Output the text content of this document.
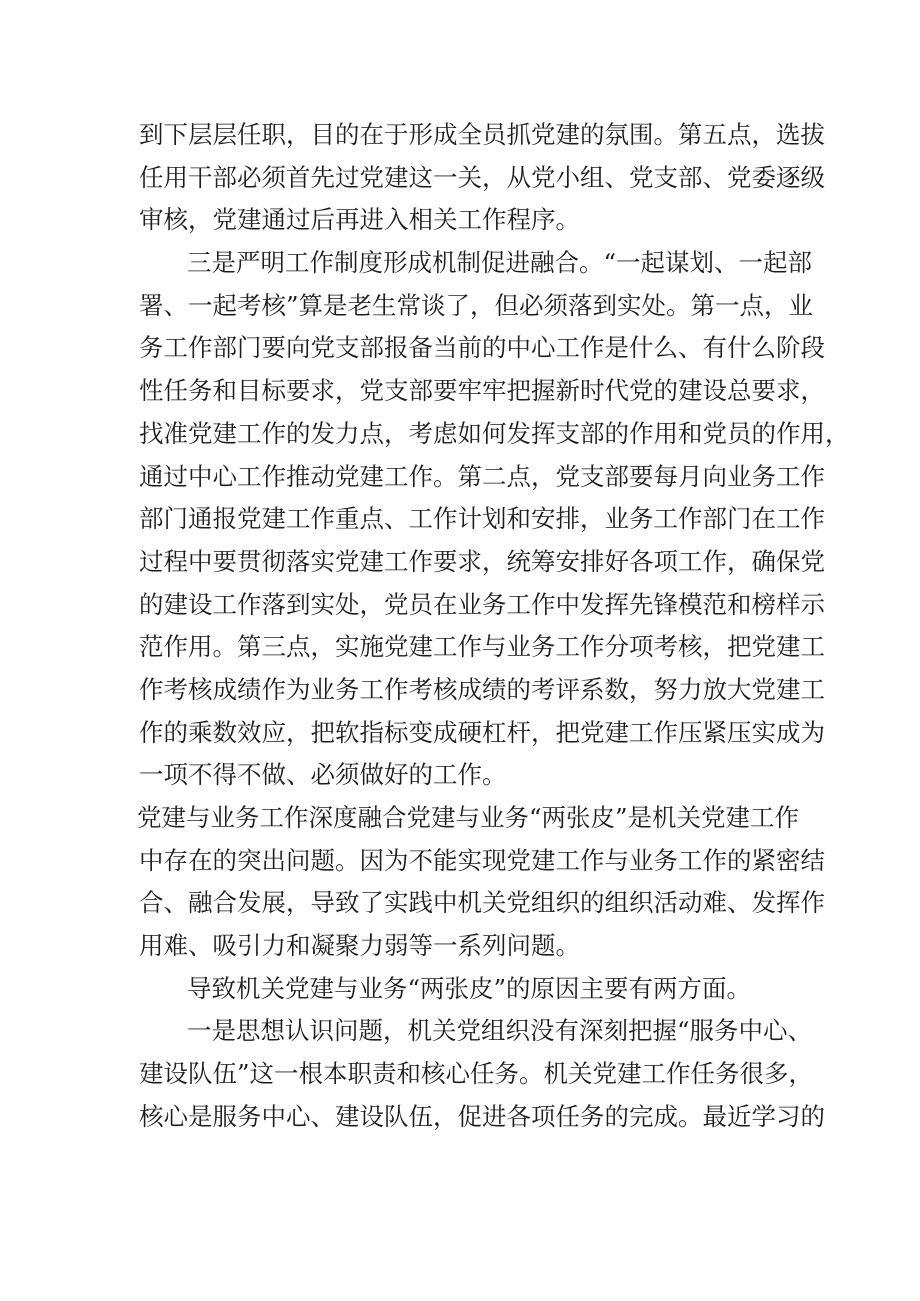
到下层层任职，目的在于形成全员抓党建的氛围。第五点，选拔
任用干部必须首先过党建这一关，从党小组、党支部、党委逐级
审核，党建通过后再进入相关工作程序。
三是严明工作制度形成机制促进融合。“一起谋划、一起部
署、一起考核”算是老生常谈了，但必须落到实处。第一点，业
务工作部门要向党支部报备当前的中心工作是什么、有什么阶段
性任务和目标要求，党支部要牢牢把握新时代党的建设总要求，
找准党建工作的发力点，考虑如何发挥支部的作用和党员的作用，
通过中心工作推动党建工作。第二点，党支部要每月向业务工作
部门通报党建工作重点、工作计划和安排，业务工作部门在工作
过程中要贯彻落实党建工作要求，统筹安排好各项工作，确保党
的建设工作落到实处，党员在业务工作中发挥先锋模范和榜样示
范作用。第三点，实施党建工作与业务工作分项考核，把党建工
作考核成绩作为业务工作考核成绩的考评系数，努力放大党建工
作的乘数效应，把软指标变成硬杠杆，把党建工作压紧压实成为
一项不得不做、必须做好的工作。
党建与业务工作深度融合党建与业务“两张皮”是机关党建工作
中存在的突出问题。因为不能实现党建工作与业务工作的紧密结
合、融合发展，导致了实践中机关党组织的组织活动难、发挥作
用难、吸引力和凝聚力弱等一系列问题。
导致机关党建与业务“两张皮”的原因主要有两方面。
一是思想认识问题，机关党组织没有深刻把握“服务中心、
建设队伍”这一根本职责和核心任务。机关党建工作任务很多，
核心是服务中心、建设队伍，促进各项任务的完成。最近学习的
